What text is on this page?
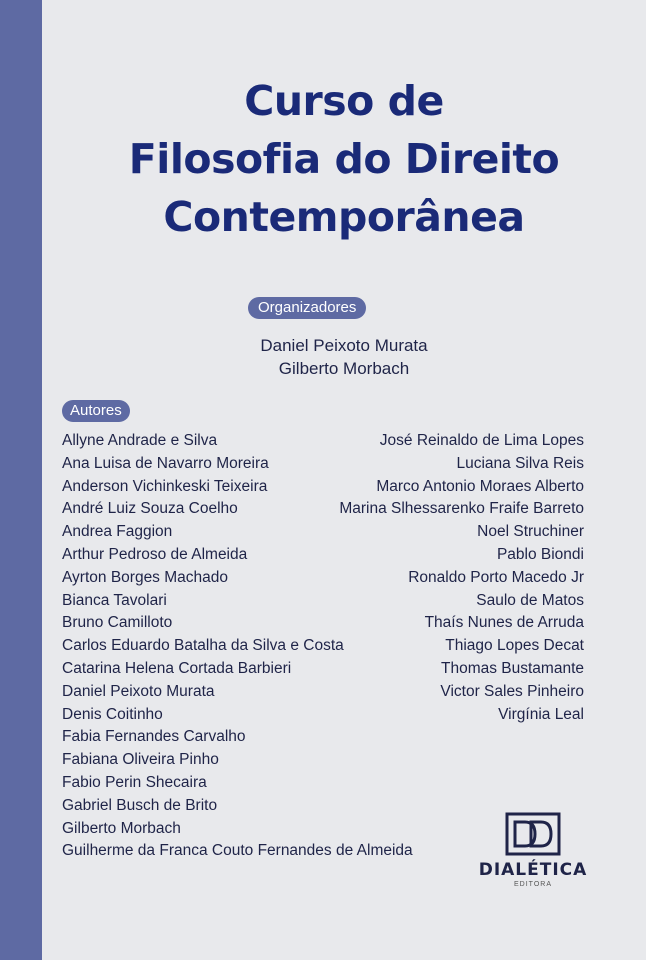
Curso de
Filosofia do Direito
Contemporânea
Organizadores
Daniel Peixoto Murata
Gilberto Morbach
Autores
Allyne Andrade e Silva
Ana Luisa de Navarro Moreira
Anderson Vichinkeski Teixeira
André Luiz Souza Coelho
Andrea Faggion
Arthur Pedroso de Almeida
Ayrton Borges Machado
Bianca Tavolari
Bruno Camilloto
Carlos Eduardo Batalha da Silva e Costa
Catarina Helena Cortada Barbieri
Daniel Peixoto Murata
Denis Coitinho
Fabia Fernandes Carvalho
Fabiana Oliveira Pinho
Fabio Perin Shecaira
Gabriel Busch de Brito
Gilberto Morbach
Guilherme da Franca Couto Fernandes de Almeida
José Reinaldo de Lima Lopes
Luciana Silva Reis
Marco Antonio Moraes Alberto
Marina Slhessarenko Fraife Barreto
Noel Struchiner
Pablo Biondi
Ronaldo Porto Macedo Jr
Saulo de Matos
Thaís Nunes de Arruda
Thiago Lopes Decat
Thomas Bustamante
Victor Sales Pinheiro
Virgínia Leal
DIALÉTICA
EDITORA
